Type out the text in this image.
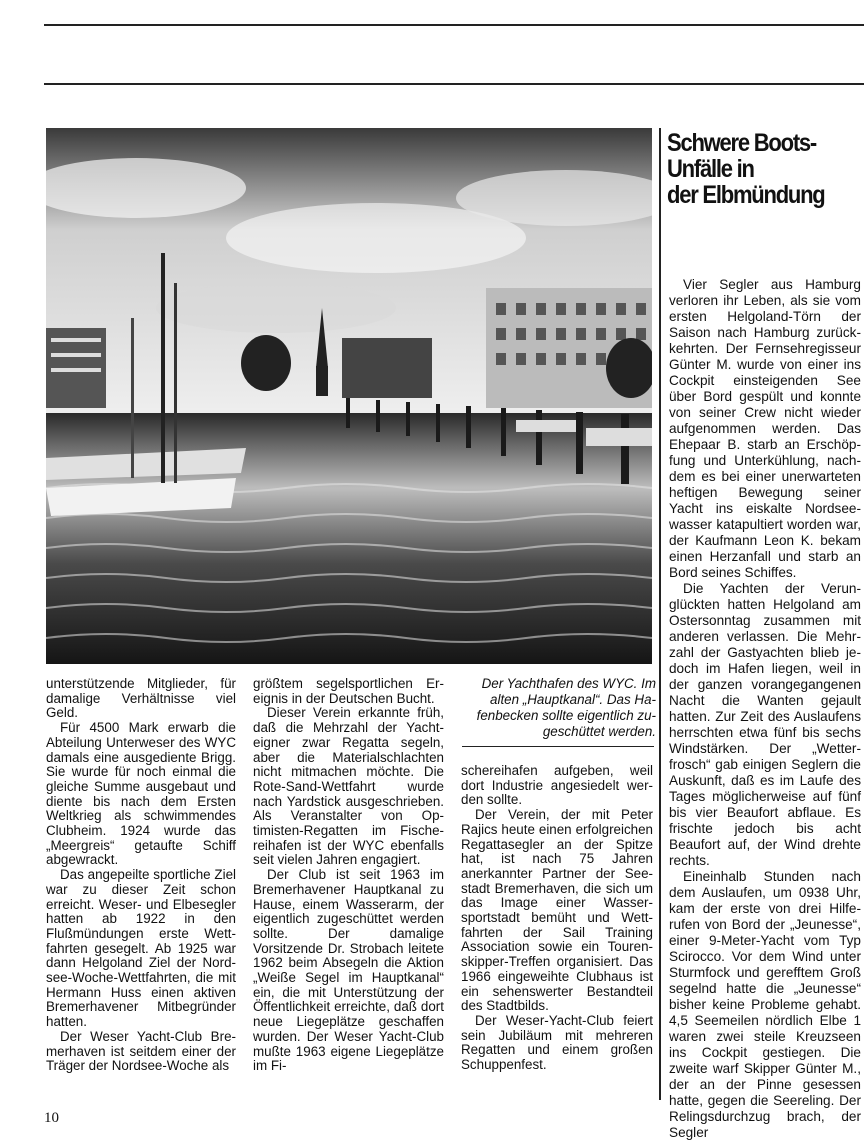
Der Yachthafen des WYC. Im
alten „Hauptkanal“. Das Ha-
fenbecken sollte eigentlich zu-
geschüttet werden.

unterstützende Mitglieder, für damalige Verhältnisse viel Geld.

Für 4500 Mark erwarb die Abteilung Unterweser des WYC damals eine ausgediente Brigg. Sie wurde für noch einmal die gleiche Summe ausgebaut und diente bis nach dem Ersten Weltkrieg als schwimmendes Clubheim. 1924 wurde das „Meergreis“ getaufte Schiff abgewrackt.

Das angepeilte sportliche Ziel war zu dieser Zeit schon erreicht. Weser- und Elbesegler hatten ab 1922 in den Flußmündungen erste Wettfahrten gesegelt. Ab 1925 war dann Helgoland Ziel der Nordsee-Woche-Wettfahrten, die mit Hermann Huss einen aktiven Bremerhavener Mitbegründer hatten.

Der Weser Yacht-Club Bremerhaven ist seitdem einer der Träger der Nordsee-Woche als

größtem segelsportlichen Ereignis in der Deutschen Bucht.

Dieser Verein erkannte früh, daß die Mehrzahl der Yachteigner zwar Regatta segeln, aber die Materialschlachten nicht mitmachen möchte. Die Rote-Sand-Wettfahrt wurde nach Yardstick ausgeschrieben. Als Veranstalter von Optimisten-Regatten im Fischereihafen ist der WYC ebenfalls seit vielen Jahren engagiert.

Der Club ist seit 1963 im Bremerhavener Hauptkanal zu Hause, einem Wasserarm, der eigentlich zugeschüttet werden sollte. Der damalige Vorsitzende Dr. Strobach leitete 1962 beim Absegeln die Aktion „Weiße Segel im Hauptkanal“ ein, die mit Unterstützung der Öffentlichkeit erreichte, daß dort neue Liegeplätze geschaffen wurden. Der Weser Yacht-Club mußte 1963 eigene Liegeplätze im Fi-

schereihafen aufgeben, weil dort Industrie angesiedelt werden sollte.

Der Verein, der mit Peter Rajics heute einen erfolgreichen Regattasegler an der Spitze hat, ist nach 75 Jahren anerkannter Partner der Seestadt Bremerhaven, die sich um das Image einer Wassersportstadt bemüht und Wettfahrten der Sail Training Association sowie ein Tourenskipper-Treffen organisiert. Das 1966 eingeweihte Clubhaus ist ein sehenswerter Bestandteil des Stadtbilds.

Der Weser-Yacht-Club feiert sein Jubiläum mit mehreren Regatten und einem großen Schuppenfest.

Schwere Boots-
Unfälle in
der Elbmündung

Vier Segler aus Hamburg verloren ihr Leben, als sie vom ersten Helgoland-Törn der Saison nach Hamburg zurückkehrten. Der Fernsehregisseur Günter M. wurde von einer ins Cockpit einsteigenden See über Bord gespült und konnte von seiner Crew nicht wieder aufgenommen werden. Das Ehepaar B. starb an Erschöpfung und Unterkühlung, nachdem es bei einer unerwarteten heftigen Bewegung seiner Yacht ins eiskalte Nordseewasser katapultiert worden war, der Kaufmann Leon K. bekam einen Herzanfall und starb an Bord seines Schiffes.

Die Yachten der Verunglückten hatten Helgoland am Ostersonntag zusammen mit anderen verlassen. Die Mehrzahl der Gastyachten blieb jedoch im Hafen liegen, weil in der ganzen vorangegangenen Nacht die Wanten gejault hatten. Zur Zeit des Auslaufens herrschten etwa fünf bis sechs Windstärken. Der „Wetterfrosch“ gab einigen Seglern die Auskunft, daß es im Laufe des Tages möglicherweise auf fünf bis vier Beaufort abflaue. Es frischte jedoch bis acht Beaufort auf, der Wind drehte rechts.

Eineinhalb Stunden nach dem Auslaufen, um 0938 Uhr, kam der erste von drei Hilferufen von Bord der „Jeunesse“, einer 9-Meter-Yacht vom Typ Scirocco. Vor dem Wind unter Sturmfock und gerefftem Groß segelnd hatte die „Jeunesse“ bisher keine Probleme gehabt. 4,5 Seemeilen nördlich Elbe 1 waren zwei steile Kreuzseen ins Cockpit gestiegen. Die zweite warf Skipper Günter M., der an der Pinne gesessen hatte, gegen die Seereling. Der Relingsdurchzug brach, der Segler

10
